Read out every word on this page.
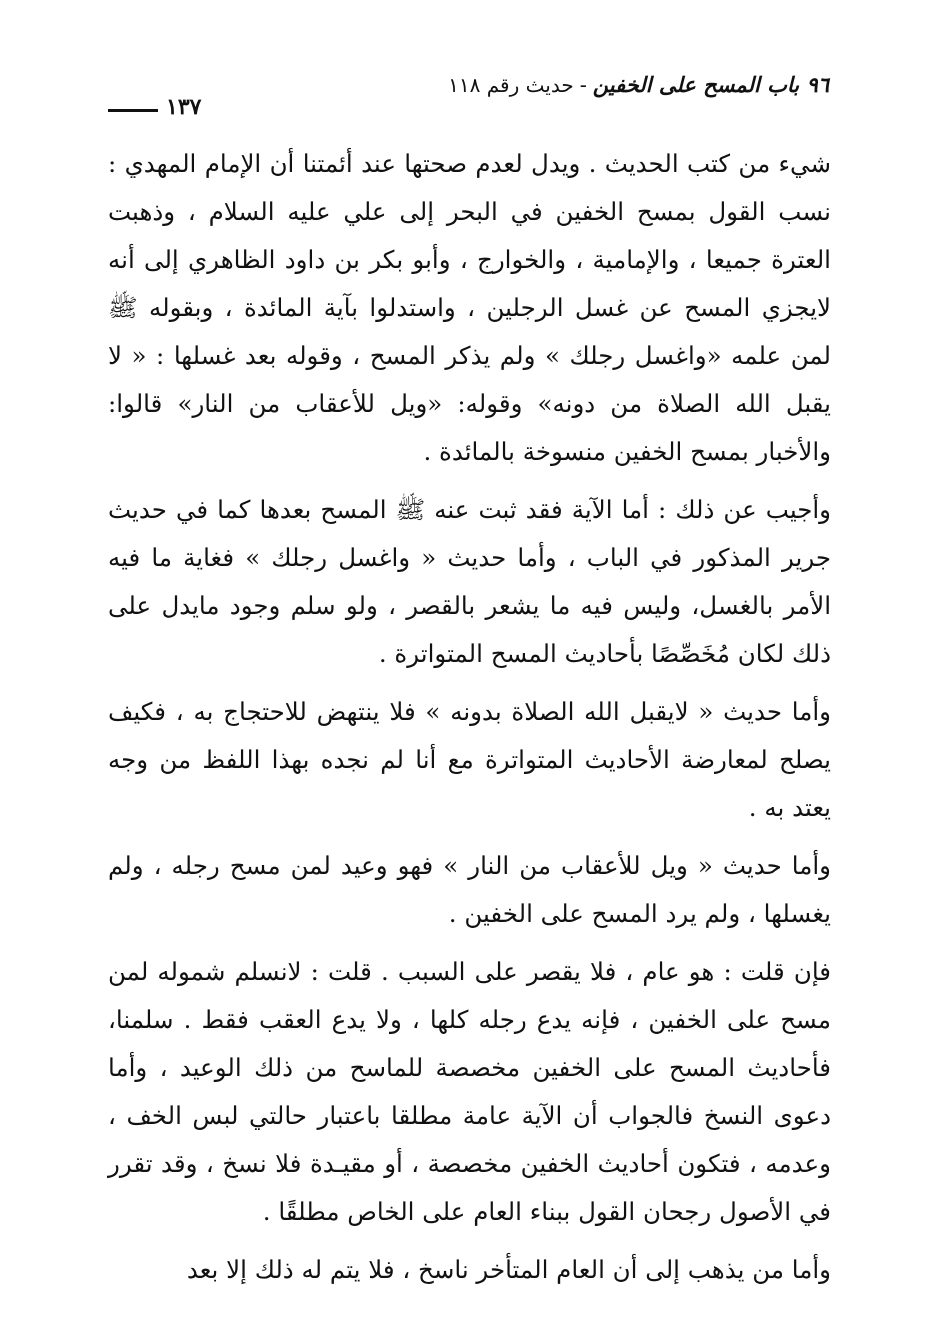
٩٦ باب المسح على الخفين-حديث رقم ١١٨
١٣٧

شيء من كتب الحديث . ويدل لعدم صحتها عند أئمتنا أن الإمام المهدي : نسب القول بمسح الخفين في البحر إلى علي عليه السلام ، وذهبت العترة جميعا ، والإمامية ، والخوارج ، وأبو بكر بن داود الظاهري إلى أنه لايجزي المسح عن غسل الرجلين ، واستدلوا بآية المائدة ، وبقوله ﷺ لمن علمه «واغسل رجلك » ولم يذكر المسح ، وقوله بعد غسلها : « لا يقبل الله الصلاة من دونه» وقوله: «ويل للأعقاب من النار» قالوا: والأخبار بمسح الخفين منسوخة بالمائدة .

وأجيب عن ذلك : أما الآية فقد ثبت عنه ﷺ المسح بعدها كما في حديث جرير المذكور في الباب ، وأما حديث « واغسل رجلك » فغاية ما فيه الأمر بالغسل، وليس فيه ما يشعر بالقصر ، ولو سلم وجود مايدل على ذلك لكان مُخَصِّصًا بأحاديث المسح المتواترة .

وأما حديث « لايقبل الله الصلاة بدونه » فلا ينتهض للاحتجاج به ، فكيف يصلح لمعارضة الأحاديث المتواترة مع أنا لم نجده بهذا اللفظ من وجه يعتد به .

وأما حديث « ويل للأعقاب من النار » فهو وعيد لمن مسح رجله ، ولم يغسلها ، ولم يرد المسح على الخفين .

فإن قلت : هو عام ، فلا يقصر على السبب . قلت : لانسلم شموله لمن مسح على الخفين ، فإنه يدع رجله كلها ، ولا يدع العقب فقط . سلمنا، فأحاديث المسح على الخفين مخصصة للماسح من ذلك الوعيد ، وأما دعوى النسخ فالجواب أن الآية عامة مطلقا باعتبار حالتي لبس الخف ، وعدمه ، فتكون أحاديث الخفين مخصصة ، أو مقيـدة فلا نسخ ، وقد تقرر في الأصول رجحان القول ببناء العام على الخاص مطلقًا .

وأما من يذهب إلى أن العام المتأخر ناسخ ، فلا يتم له ذلك إلا بعد
